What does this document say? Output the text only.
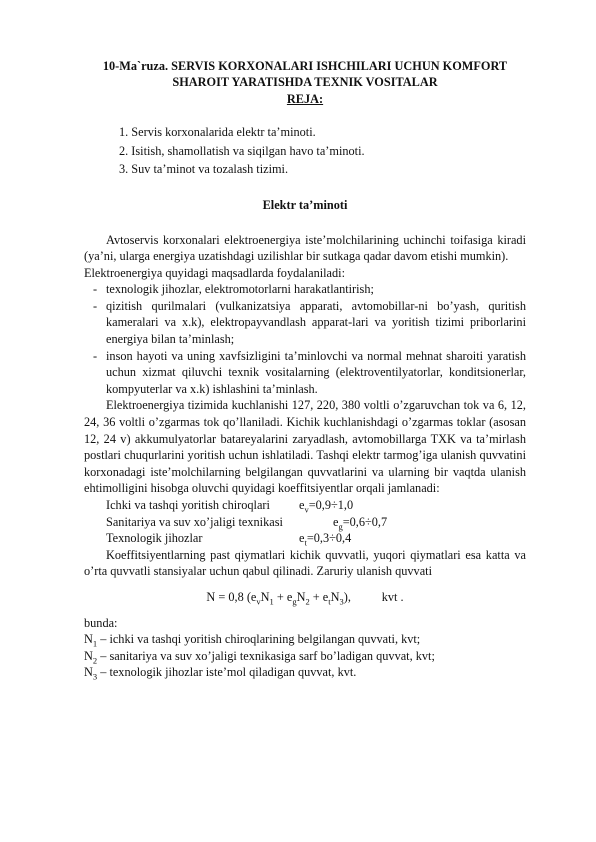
10-Ma`ruza. SERVIS KORXONALARI ISHCHILARI UCHUN KOMFORT
SHAROIT YARATISHDA TEXNIK VOSITALAR
REJA:
1. Servis korxonalarida elektr ta’minoti.
2. Isitish, shamollatish va siqilgan havo ta’minoti.
3. Suv ta’minot va tozalash tizimi.
Elektr ta’minoti

Avtoservis korxonalari elektroenergiya iste’molchilarining uchinchi toifasiga kiradi (ya’ni, ularga energiya uzatishdagi uzilishlar bir sutkaga qadar davom etishi mumkin).

Elektroenergiya quyidagi maqsadlarda foydalaniladi:

- texnologik jihozlar, elektromotorlarni harakatlantirish;
- qizitish qurilmalari (vulkanizatsiya apparati, avtomobillar-ni bo’yash, quritish kameralari va x.k), elektropayvandlash apparat-lari va yoritish tizimi priborlarini energiya bilan ta’minlash;
- inson hayoti va uning xavfsizligini ta’minlovchi va normal mehnat sharoiti yaratish uchun xizmat qiluvchi texnik vositalarning (elektroventilyatorlar, konditsionerlar, kompyuterlar va x.k) ishlashini ta’minlash.

Elektroenergiya tizimida kuchlanishi 127, 220, 380 voltli o’zgaruvchan tok va 6, 12, 24, 36 voltli o’zgarmas tok qo’llaniladi. Kichik kuchlanishdagi o’zgarmas toklar (asosan 12, 24 v) akkumulyatorlar batareyalarini zaryadlash, avtomobillarga TXK va ta’mirlash postlari chuqurlarini yoritish uchun ishlatiladi. Tashqi elektr tarmog’iga ulanish quvvatini korxonadagi iste’molchilarning belgilangan quvvatlarini va ularning bir vaqtda ulanish ehtimolligini hisobga oluvchi quyidagi koeffitsiyentlar orqali jamlanadi:

Ichki va tashqi yoritish chiroqlari	$e_v=0,9\div 1,0$
Sanitariya va suv xo’jaligi texnikasi	$e_g=0,6\div 0,7$
Texnologik jihozlar	$e_t=0,3\div 0,4$

Koeffitsiyentlarning past qiymatlari kichik quvvatli, yuqori qiymatlari esa katta va o’rta quvvatli stansiyalar uchun qabul qilinadi. Zaruriy ulanish quvvati

N = 0,8 $(e_vN_1 + e_gN_2 + e_tN_3)$,	kvt .

bunda:

$N_1$ – ichki va tashqi yoritish chiroqlarining belgilangan quvvati, kvt;

$N_2$ – sanitariya va suv xo’jaligi texnikasiga sarf bo’ladigan quvvat, kvt;

$N_3$ – texnologik jihozlar iste’mol qiladigan quvvat, kvt.
